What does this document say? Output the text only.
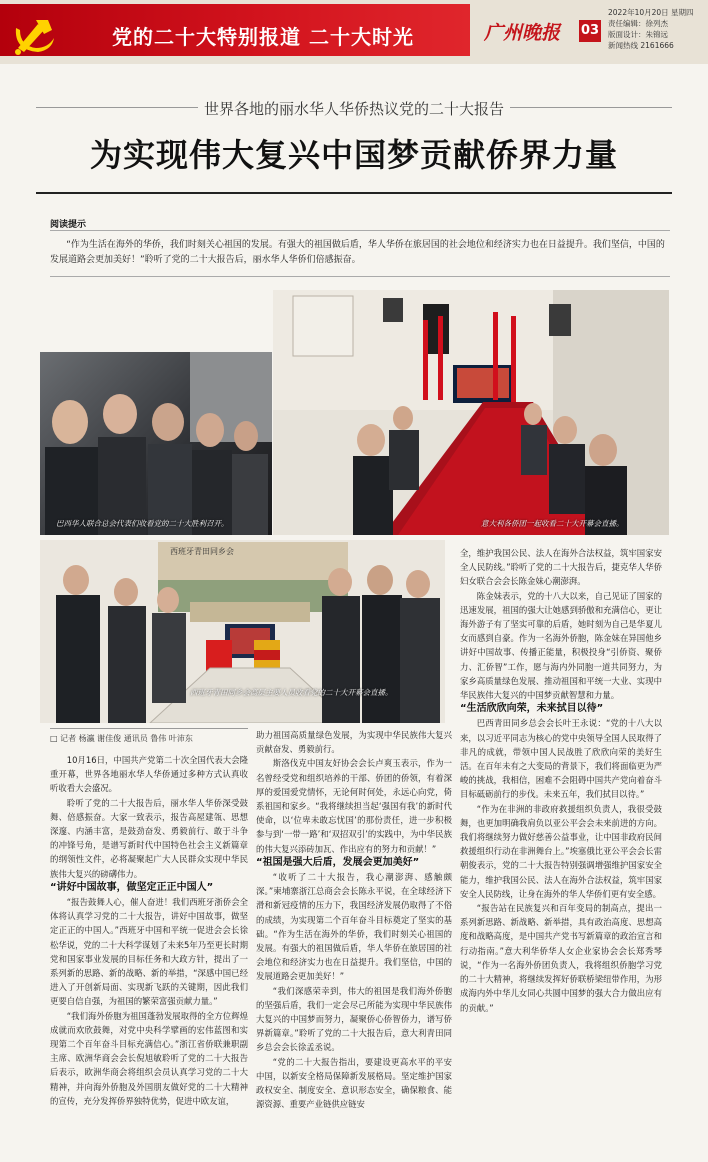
党的二十大特别报道 二十大时光	广州晚报 03
2022年10月20日 星期四
责任编辑：徐列杰
版面设计：朱锦远
新闻热线 2161666
世界各地的丽水华人华侨热议党的二十大报告
为实现伟大复兴中国梦贡献侨界力量
阅读提示
“作为生活在海外的华侨，我们时刻关心祖国的发展。有强大的祖国做后盾，华人华侨在旅居国的社会地位和经济实力也在日益提升。我们坚信，中国的发展道路会更加美好！”聆听了党的二十大报告后，丽水华人华侨们倍感振奋。
巴西华人联合总会代表们收看党的二十大胜利召开。	意大利各侨团一起收看二十大开幕会直播。
西班牙青田同乡会
西班牙青田同乡会高层主要人员收看党的二十大开幕会直播。
□ 记者 杨瀛 谢佳俊 通讯员 鲁伟 叶沛东

10月16日，中国共产党第二十次全国代表大会隆重开幕，世界各地丽水华人华侨通过多种方式认真收听收看大会盛况。

聆听了党的二十大报告后，丽水华人华侨深受鼓舞、倍感振奋。大家一致表示，报告高屋建瓴、思想深邃、内涵丰富，是鼓劲奋发、勇毅前行、敢于斗争的冲锋号角，是谱写新时代中国特色社会主义新篇章的纲领性文件，必将凝聚起广大人民群众实现中华民族伟大复兴的磅礴伟力。

“讲好中国故事，做坚定正正中国人”

“报告鼓舞人心，催人奋进！我们西班牙浙侨会全体将认真学习党的二十大报告，讲好中国故事，做坚定正正的中国人。”西班牙中国和平统一促进会会长徐松华说，党的二十大科学谋划了未来5年乃至更长时期党和国家事业发展的目标任务和大政方针，提出了一系列新的思路、新的战略、新的举措，“深感中国已经进入了开创新局面、实现新飞跃的关键期，因此我们更要自信自强，为祖国的繁荣富强贡献力量。”

“我们海外侨胞为祖国蓬勃发展取得的全方位辉煌成就而欢欣鼓舞，对党中央科学擘画的宏伟蓝图和实现第二个百年奋斗目标充满信心。”浙江省侨联兼职副主席、欧洲华商会会长倪旭敏聆听了党的二十大报告后表示，欧洲华商会将组织会员认真学习党的二十大精神，并向海外侨胞及外国朋友做好党的二十大精神的宣传，充分发挥侨界独特优势，促进中欧友谊，

助力祖国高质量绿色发展，为实现中华民族伟大复兴贡献奋发、勇毅前行。

斯洛伐克中国友好协会会长卢爽玉表示，作为一名曾经受党和组织培养的干部、侨团的侨领，有着深厚的爱国爱党情怀，无论何时何处，永远心向党，倚系祖国和家乡。“我将继续担当起‘强国有我’的新时代使命，以‘位卑未敢忘忧国’的那份责任，进一步积极参与到‘一带一路’和‘双招双引’的实践中，为中华民族的伟大复兴添砖加瓦、作出应有的努力和贡献！”

“祖国是强大后盾，发展会更加美好”

“收听了二十大报告，我心潮澎湃、感触颇深。”柬埔寨浙江总商会会长陈永平说，在全球经济下滑和新冠疫情的压力下，我国经济发展仍取得了不俗的成绩，为实现第二个百年奋斗目标奠定了坚实的基础。“作为生活在海外的华侨，我们时刻关心祖国的发展。有强大的祖国做后盾，华人华侨在旅居国的社会地位和经济实力也在日益提升。我们坚信，中国的发展道路会更加美好！”

“我们深感荣幸到，伟大的祖国是我们海外侨胞的坚强后盾，我们一定会尽己所能为实现中华民族伟大复兴的中国梦而努力，凝聚侨心侨智侨力，谱写侨界新篇章。”聆听了党的二十大报告后，意大利青田同乡总会会长徐孟丞说。

“党的二十大报告指出，要建设更高水平的平安中国，以新安全格局保障新发展格局。坚定维护国家政权安全、制度安全、意识形态安全，确保粮食、能源资源、重要产业链供应链安

全，维护我国公民、法人在海外合法权益，筑牢国家安全人民防线。”聆听了党的二十大报告后，捷克华人华侨妇女联合会会长陈金妹心潮澎湃。

陈金妹表示，党的十八大以来，自己见证了国家的迅速发展，祖国的强大让她感到骄傲和充满信心，更让海外游子有了坚实可靠的后盾，她时刻为自己是华夏儿女而感到自豪。作为一名海外侨胞，陈金妹在异国他乡讲好中国故事、传播正能量，积极投身“引侨资、聚侨力、汇侨智”工作，愿与海内外同胞一道共同努力，为家乡高质量绿色发展、推动祖国和平统一大业、实现中华民族伟大复兴的中国梦贡献智慧和力量。

“生活欣欣向荣，未来拭目以待”

巴西青田同乡总会会长叶王永说：“党的十八大以来，以习近平同志为核心的党中央领导全国人民取得了非凡的成就，带领中国人民战胜了欣欣向荣的美好生活。在百年未有之大变局的背景下，我们将面临更为严峻的挑战，我相信，困难不会阻碍中国共产党向着奋斗目标砥砺前行的步伐。未来五年，我们拭目以待。”

“作为在非洲的非政府救援组织负责人，我很受鼓舞，也更加明确我肩负以亚公平会会未来前进的方向。我们将继续努力做好慈善公益事业，让中国非政府民间救援组织行动在非洲舞台上。”埃塞俄比亚公平会会长雷朝俊表示，党的二十大报告特别强调增强维护国家安全能力，维护我国公民、法人在海外合法权益，筑牢国家安全人民防线，让身在海外的华人华侨们更有安全感。

“报告站在民族复兴和百年变局的制高点，提出一系列新思路、新战略、新举措，具有政治高度、思想高度和战略高度，是中国共产党书写新篇章的政治宣言和行动指南。”意大利华侨华人女企业家协会会长郑秀琴说，“作为一名海外侨团负责人，我将组织侨胞学习党的二十大精神，将继续发挥好侨联桥梁纽带作用，为形成海内外中华儿女同心共圆中国梦的强大合力做出应有的贡献。”
